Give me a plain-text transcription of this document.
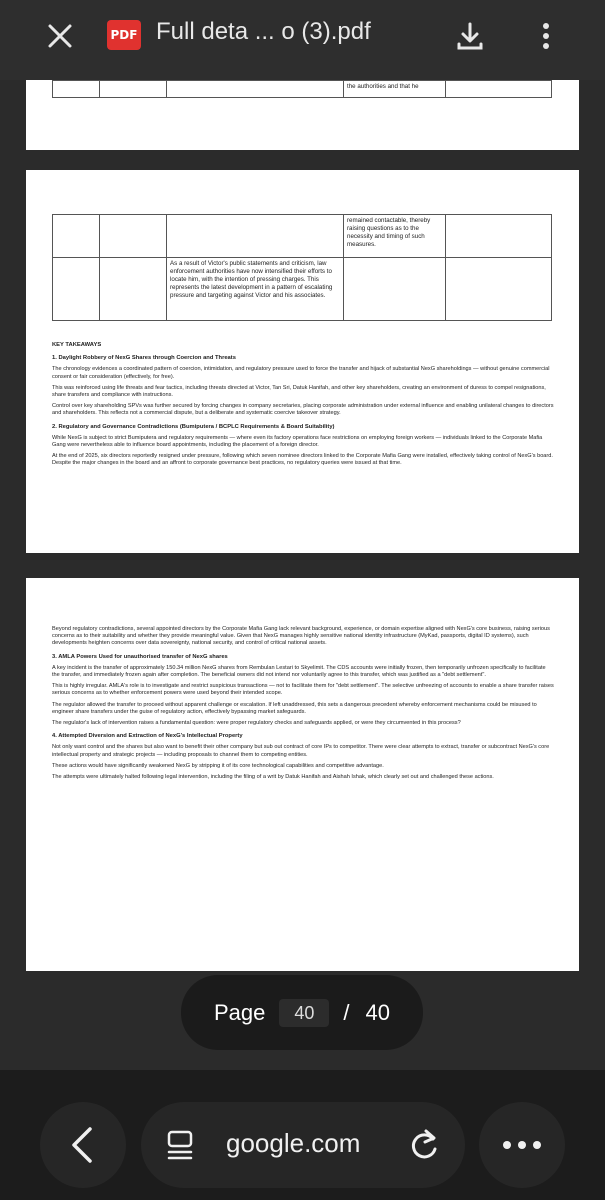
PDF Full deta ... o (3).pdf
			the authorities and that he	
			remained contactable, thereby raising questions as to the necessity and timing of such measures.	
		As a result of Victor's public statements and criticism, law enforcement authorities have now intensified their efforts to locate him, with the intention of pressing charges. This represents the latest development in a pattern of escalating pressure and targeting against Victor and his associates.		
KEY TAKEAWAYS
1. Daylight Robbery of NexG Shares through Coercion and Threats

The chronology evidences a coordinated pattern of coercion, intimidation, and regulatory pressure used to force the transfer and hijack of substantial NexG shareholdings — without genuine commercial consent or fair consideration (effectively, for free).

This was reinforced using life threats and fear tactics, including threats directed at Victor, Tan Sri, Datuk Hanifah, and other key shareholders, creating an environment of duress to compel resignations, share transfers and compliance with instructions.

Control over key shareholding SPVs was further secured by forcing changes in company secretaries, placing corporate administration under external influence and enabling unilateral changes to directors and shareholders. This reflects not a commercial dispute, but a deliberate and systematic coercive takeover strategy.

2. Regulatory and Governance Contradictions (Bumiputera / BCPLC Requirements & Board Suitability)

While NexG is subject to strict Bumiputera and regulatory requirements — where even its factory operations face restrictions on employing foreign workers — individuals linked to the Corporate Mafia Gang were nevertheless able to influence board appointments, including the placement of a foreign director.

At the end of 2025, six directors reportedly resigned under pressure, following which seven nominee directors linked to the Corporate Mafia Gang were installed, effectively taking control of NexG's board. Despite the major changes in the board and an affront to corporate governance best practices, no regulatory queries were issued at that time.

Beyond regulatory contradictions, several appointed directors by the Corporate Mafia Gang lack relevant background, experience, or domain expertise aligned with NexG's core business, raising serious concerns as to their suitability and whether they provide meaningful value. Given that NexG manages highly sensitive national identity infrastructure (MyKad, passports, digital ID systems), such developments heighten concerns over data sovereignty, national security, and control of critical national assets.

3. AMLA Powers Used for unauthorised transfer of NexG shares

A key incident is the transfer of approximately 150.34 million NexG shares from Rembulan Lestari to Skyelimit. The CDS accounts were initially frozen, then temporarily unfrozen specifically to facilitate the transfer, and immediately frozen again after completion. The beneficial owners did not intend nor voluntarily agree to this transfer, which was justified as a "debt settlement".

This is highly irregular. AMLA's role is to investigate and restrict suspicious transactions — not to facilitate them for "debt settlement". The selective unfreezing of accounts to enable a share transfer raises serious concerns as to whether enforcement powers were used beyond their intended scope.

The regulator allowed the transfer to proceed without apparent challenge or escalation. If left unaddressed, this sets a dangerous precedent whereby enforcement mechanisms could be misused to engineer share transfers under the guise of regulatory action, effectively bypassing market safeguards.

The regulator's lack of intervention raises a fundamental question: were proper regulatory checks and safeguards applied, or were they circumvented in this process?

4. Attempted Diversion and Extraction of NexG's Intellectual Property

Not only want control and the shares but also want to benefit their other company but sub out contract of core IPs to competitor. There were clear attempts to extract, transfer or subcontract NexG's core intellectual property and strategic projects — including proposals to channel them to competing entities.

These actions would have significantly weakened NexG by stripping it of its core technological capabilities and competitive advantage.

The attempts were ultimately halted following legal intervention, including the filing of a writ by Datuk Hanifah and Aishah Ishak, which clearly set out and challenged these actions.

Page	40	/ 40
google.com
